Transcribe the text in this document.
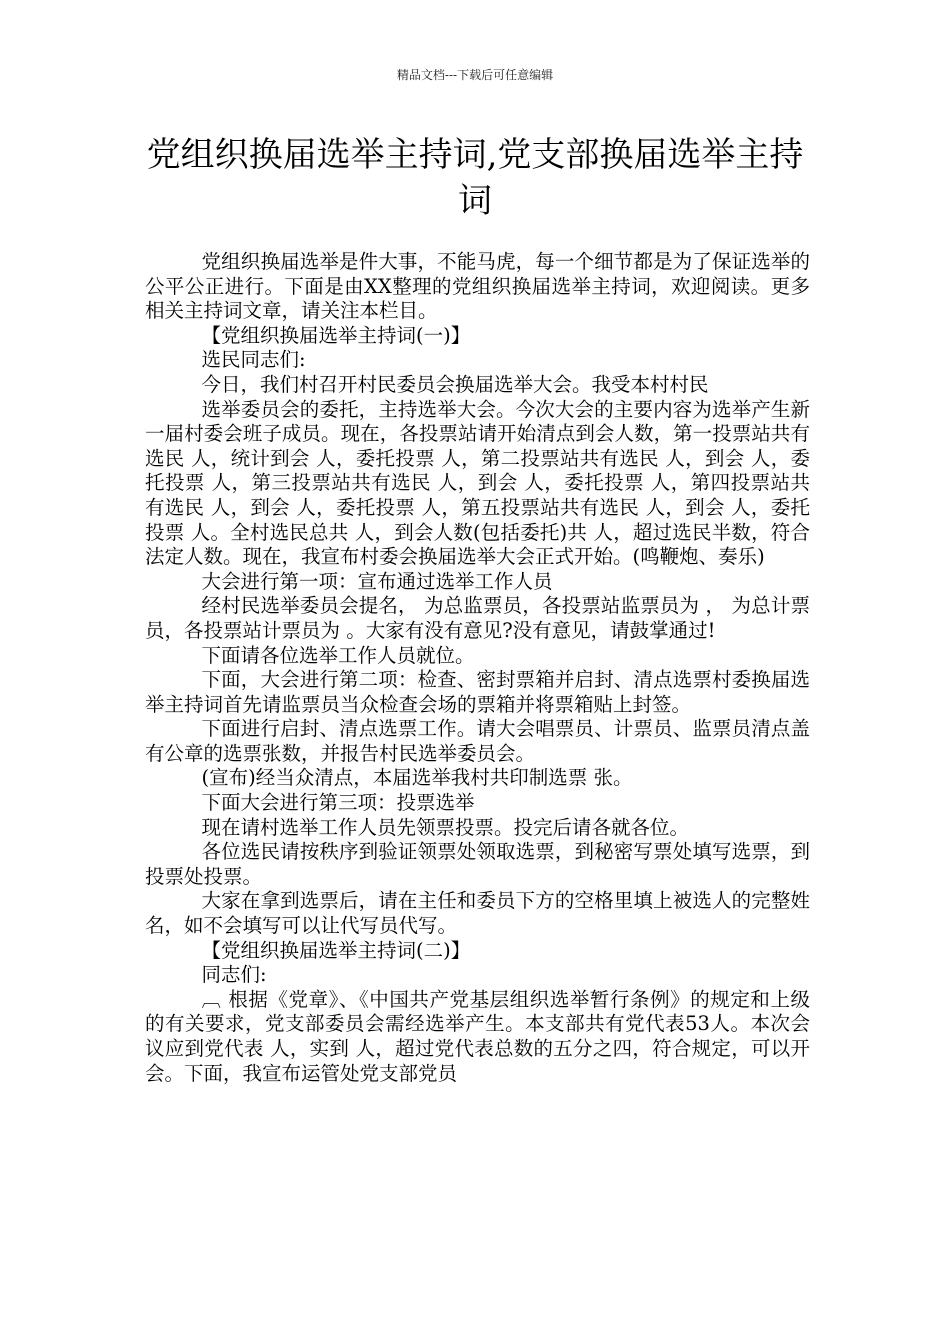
精品文档---下载后可任意编辑
党组织换届选举主持词,党支部换届选举主持词

党组织换届选举是件大事，不能马虎，每一个细节都是为了保证选举的公平公正进行。下面是由XX整理的党组织换届选举主持词，欢迎阅读。更多相关主持词文章，请关注本栏目。

【党组织换届选举主持词(一)】

选民同志们:

今日，我们村召开村民委员会换届选举大会。我受本村村民

选举委员会的委托，主持选举大会。今次大会的主要内容为选举产生新一届村委会班子成员。现在，各投票站请开始清点到会人数，第一投票站共有选民 人，统计到会 人，委托投票 人，第二投票站共有选民 人，到会 人，委托投票 人，第三投票站共有选民 人，到会 人，委托投票 人，第四投票站共有选民 人，到会 人，委托投票 人，第五投票站共有选民 人，到会 人，委托投票 人。全村选民总共 人，到会人数(包括委托)共 人，超过选民半数，符合法定人数。现在，我宣布村委会换届选举大会正式开始。(鸣鞭炮、奏乐)

大会进行第一项：宣布通过选举工作人员

经村民选举委员会提名， 为总监票员，各投票站监票员为 ， 为总计票员，各投票站计票员为 。大家有没有意见?没有意见，请鼓掌通过!

下面请各位选举工作人员就位。

下面，大会进行第二项：检查、密封票箱并启封、清点选票村委换届选举主持词首先请监票员当众检查会场的票箱并将票箱贴上封签。

下面进行启封、清点选票工作。请大会唱票员、计票员、监票员清点盖有公章的选票张数，并报告村民选举委员会。

(宣布)经当众清点，本届选举我村共印制选票 张。

下面大会进行第三项：投票选举

现在请村选举工作人员先领票投票。投完后请各就各位。

各位选民请按秩序到验证领票处领取选票，到秘密写票处填写选票，到投票处投票。

大家在拿到选票后，请在主任和委员下方的空格里填上被选人的完整姓名，如不会填写可以让代写员代写。

【党组织换届选举主持词(二)】

同志们:

︹ 根据《党章》、《中国共产党基层组织选举暂行条例》的规定和上级的有关要求，党支部委员会需经选举产生。本支部共有党代表53人。本次会议应到党代表 人，实到 人，超过党代表总数的五分之四，符合规定，可以开会。下面，我宣布运管处党支部党员
